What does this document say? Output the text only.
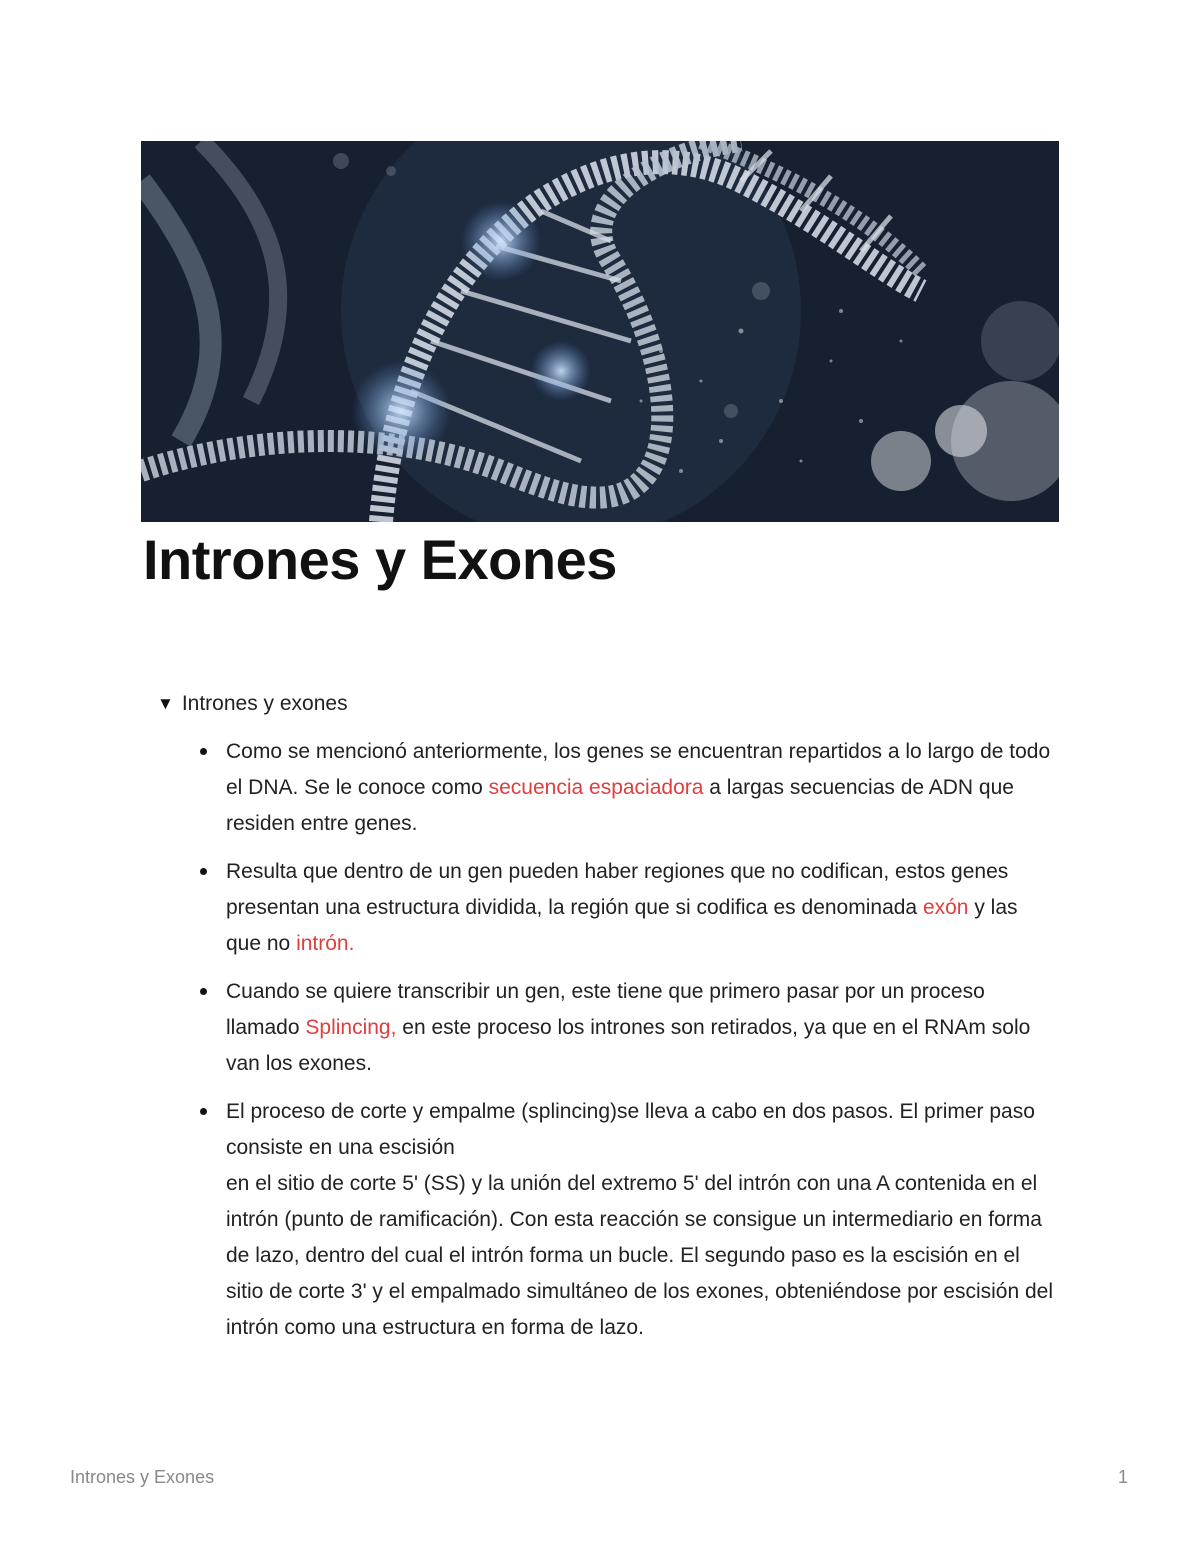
Intrones y Exones
▼ Intrones y exones
Como se mencionó anteriormente, los genes se encuentran repartidos a lo largo de todo el DNA. Se le conoce como secuencia espaciadora a largas secuencias de ADN que residen entre genes.
Resulta que dentro de un gen pueden haber regiones que no codifican, estos genes presentan una estructura dividida, la región que si codifica es denominada exón y las que no intrón.
Cuando se quiere transcribir un gen, este tiene que primero pasar por un proceso llamado Splincing, en este proceso los intrones son retirados, ya que en el RNAm solo van los exones.
El proceso de corte y empalme (splincing)se lleva a cabo en dos pasos. El primer paso consiste en una escisión
en el sitio de corte 5' (SS) y la unión del extremo 5' del intrón con una A contenida en el intrón (punto de ramificación). Con esta reacción se consigue un intermediario en forma de lazo, dentro del cual el intrón forma un bucle. El segundo paso es la escisión en el sitio de corte 3' y el empalmado simultáneo de los exones, obteniéndose por escisión del intrón como una estructura en forma de lazo.
Intrones y Exones	1
